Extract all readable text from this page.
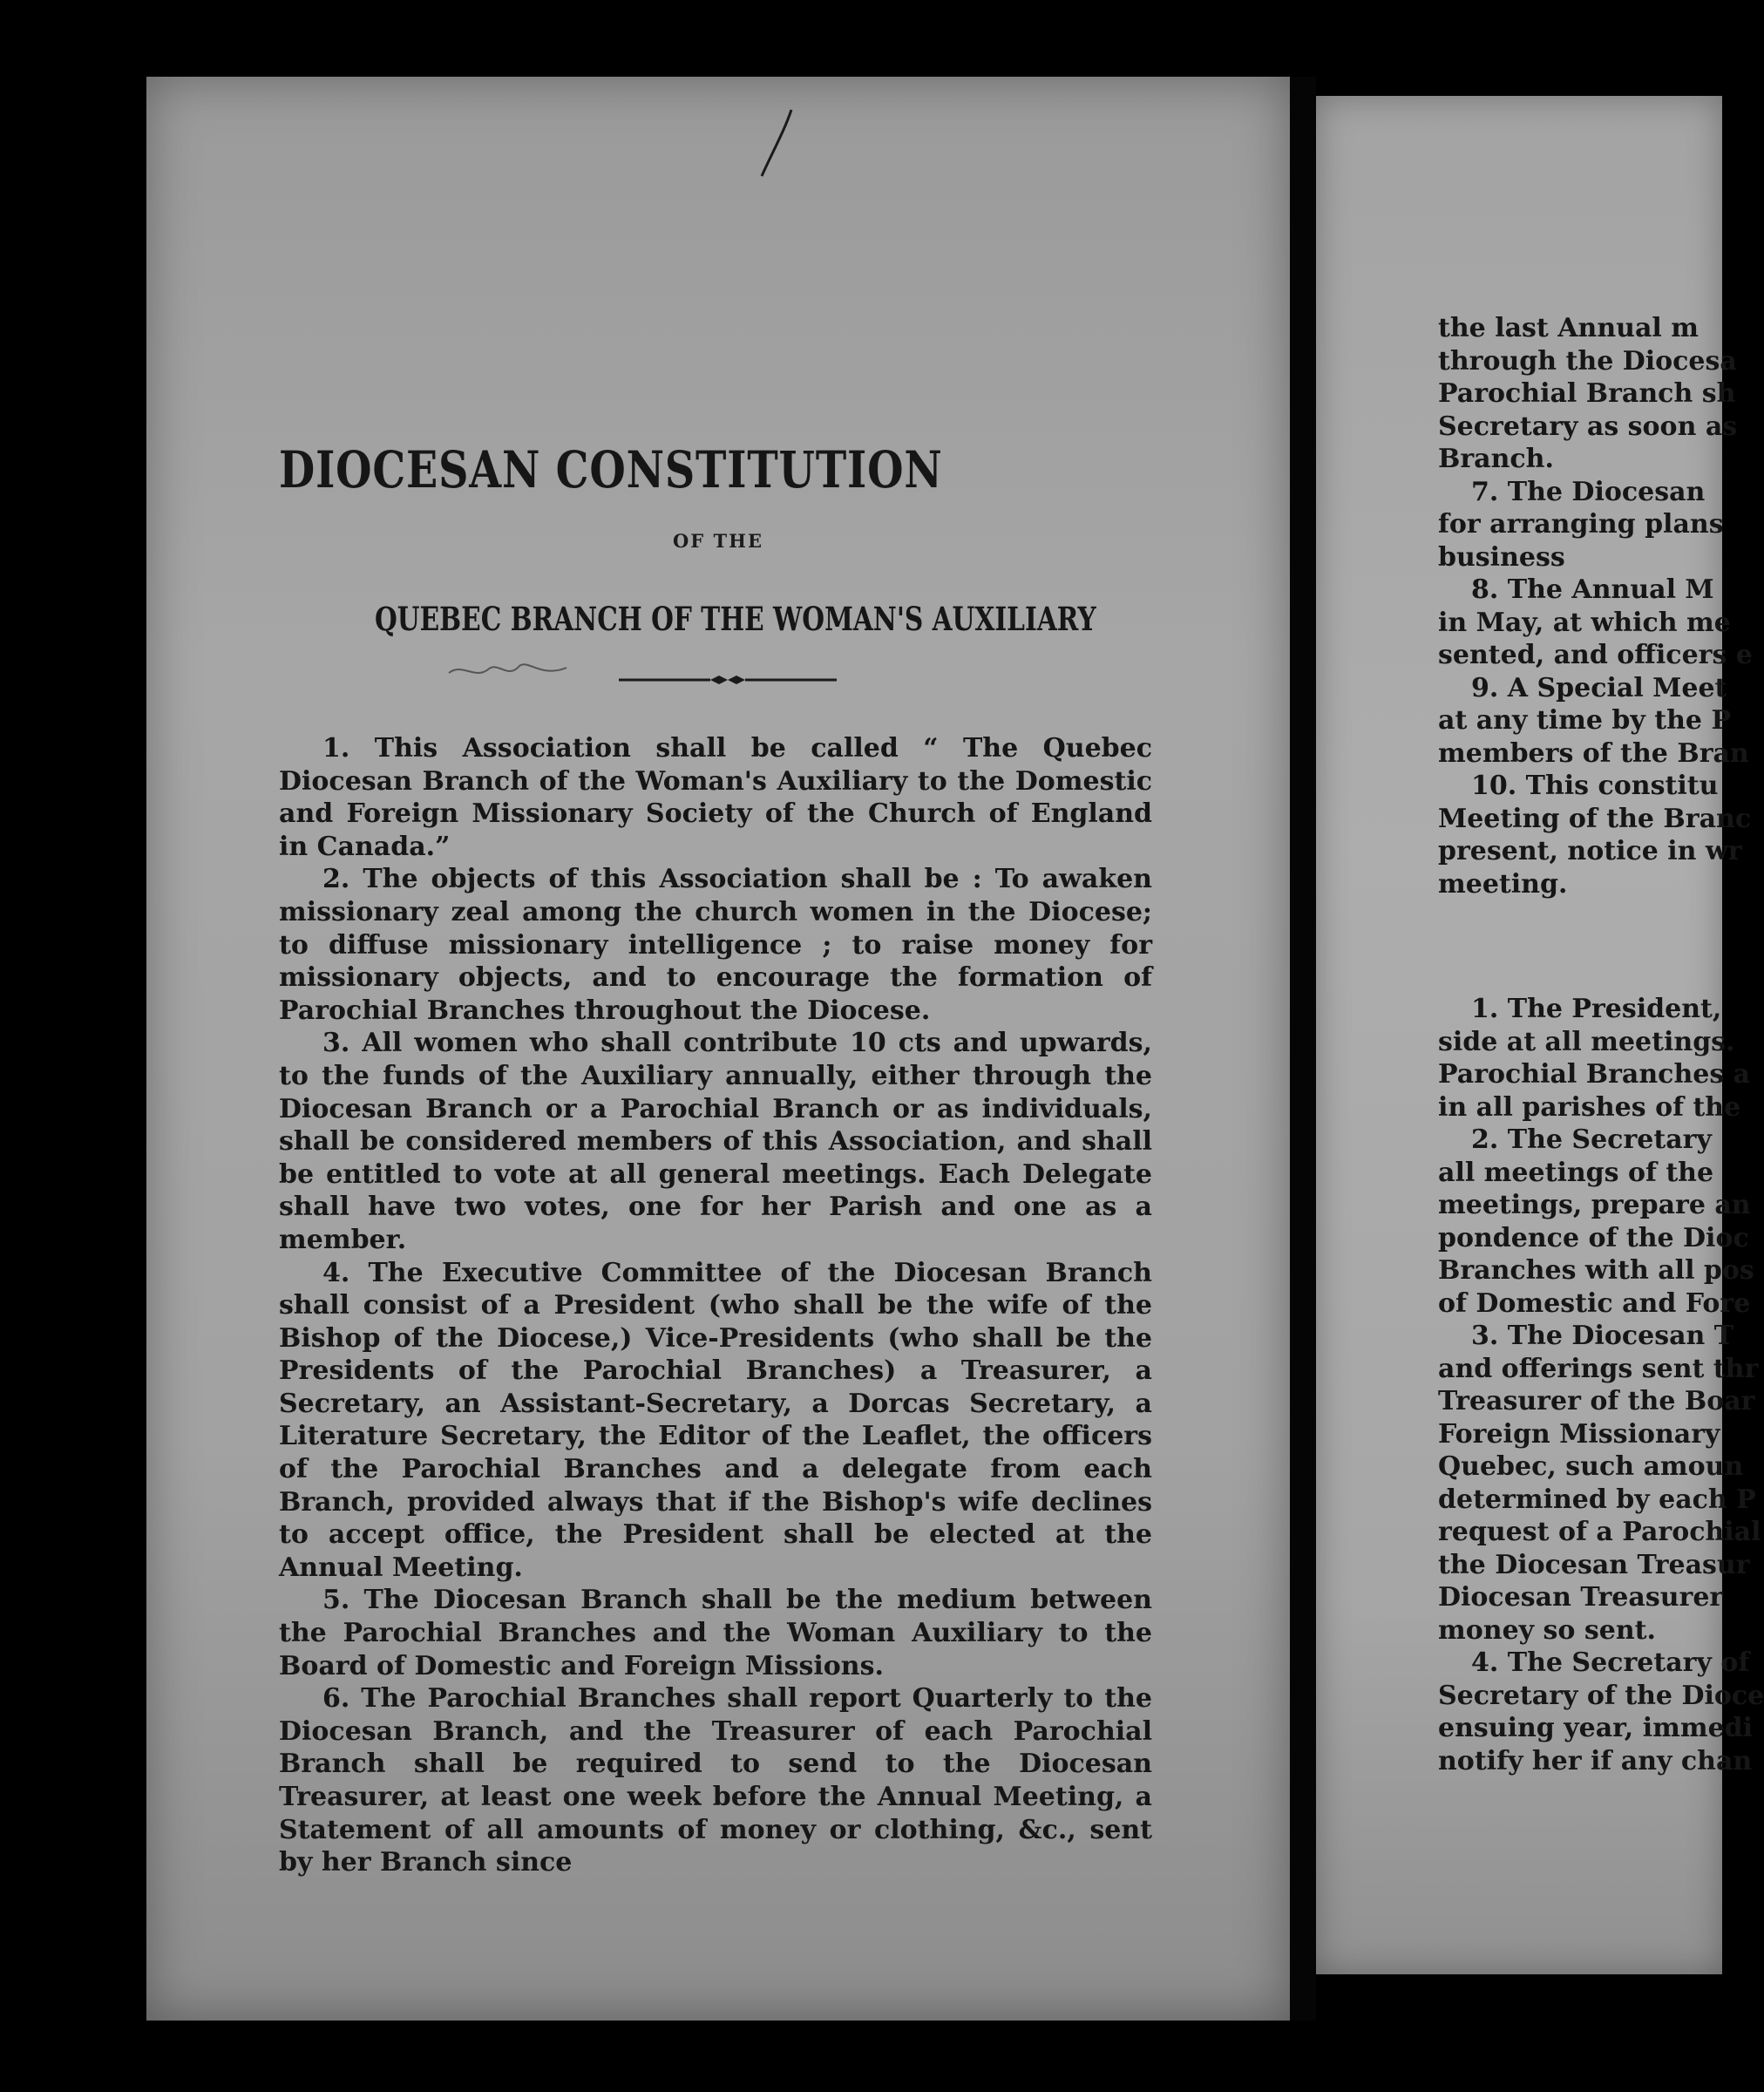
DIOCESAN CONSTITUTION
OF THE
QUEBEC BRANCH OF THE WOMAN'S AUXILIARY

1. This Association shall be called “ The Quebec Diocesan Branch of the Woman's Auxiliary to the Domestic and Foreign Missionary Society of the Church of England in Canada.”

2. The objects of this Association shall be : To awaken missionary zeal among the church women in the Diocese; to diffuse missionary intelligence ; to raise money for missionary objects, and to encourage the formation of Parochial Branches throughout the Diocese.

3. All women who shall contribute 10 cts and upwards, to the funds of the Auxiliary annually, either through the Diocesan Branch or a Parochial Branch or as individuals, shall be considered members of this Association, and shall be entitled to vote at all general meetings. Each Delegate shall have two votes, one for her Parish and one as a member.

4. The Executive Committee of the Diocesan Branch shall consist of a President (who shall be the wife of the Bishop of the Diocese,) Vice-Presidents (who shall be the Presidents of the Parochial Branches) a Treasurer, a Secretary, an Assistant-Secretary, a Dorcas Secretary, a Literature Secretary, the Editor of the Leaflet, the officers of the Parochial Branches and a delegate from each Branch, provided always that if the Bishop's wife declines to accept office, the President shall be elected at the Annual Meeting.

5. The Diocesan Branch shall be the medium between the Parochial Branches and the Woman Auxiliary to the Board of Domestic and Foreign Missions.

6. The Parochial Branches shall report Quarterly to the Diocesan Branch, and the Treasurer of each Parochial Branch shall be required to send to the Diocesan Treasurer, at least one week before the Annual Meeting, a Statement of all amounts of money or clothing, &c., sent by her Branch since

the last Annual m
through the Diocesa
Parochial Branch sh
Secretary as soon as
Branch.
7. The Diocesan
for arranging plans
business
8. The Annual M
in May, at which me
sented, and officers e
9. A Special Meet
at any time by the P
members of the Bran
10. This constitu
Meeting of the Branc
present, notice in wr
meeting.
1. The President,
side at all meetings.
Parochial Branches a
in all parishes of the
2. The Secretary
all meetings of the
meetings, prepare an
pondence of the Dioc
Branches with all pos
of Domestic and Fore
3. The Diocesan T
and offerings sent thr
Treasurer of the Boar
Foreign Missionary
Quebec, such amoun
determined by each P
request of a Parochial
the Diocesan Treasur
Diocesan Treasurer
money so sent.
4. The Secretary of
Secretary of the Dioce
ensuing year, immedi
notify her if any chan
